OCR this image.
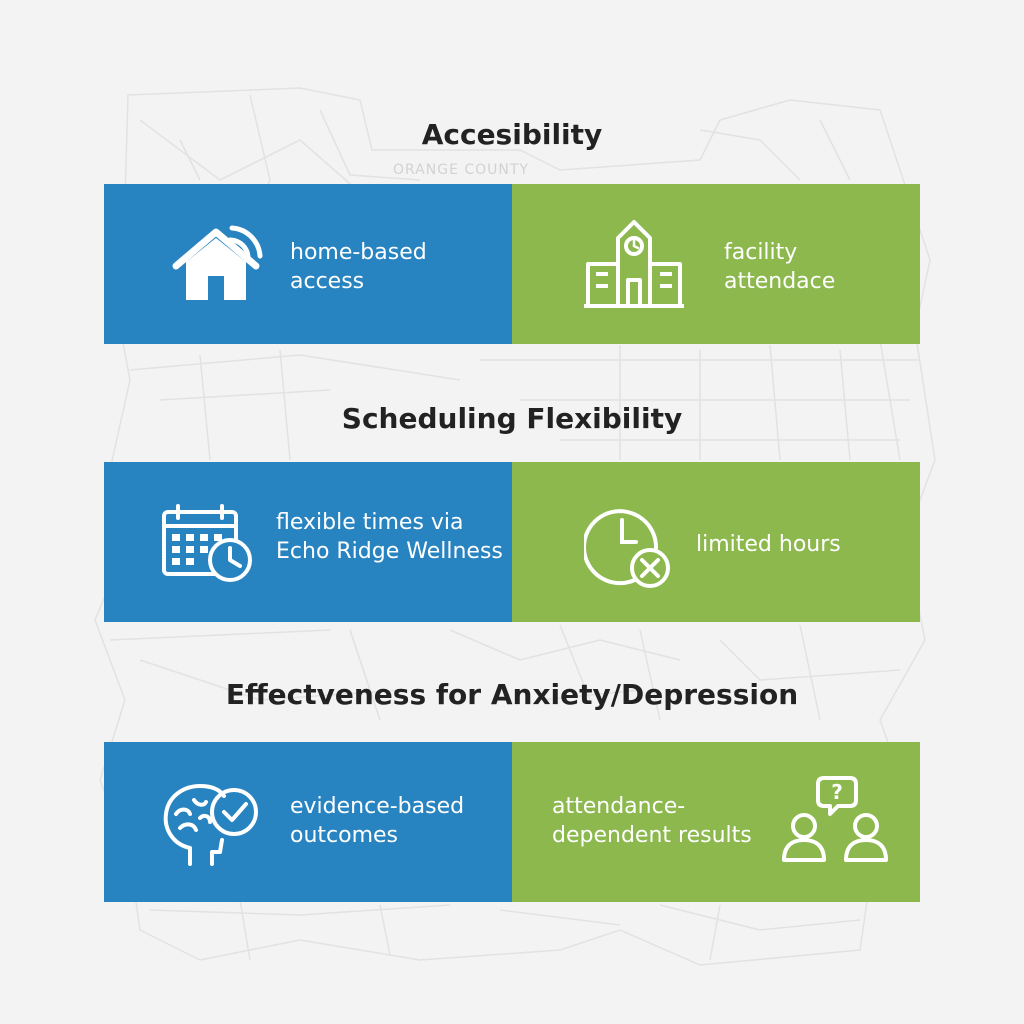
ORANGE COUNTY
Accesibility
home-based
access
facility
attendace
Scheduling Flexibility
flexible times via
Echo Ridge Wellness	limited hours
Effectveness for Anxiety/Depression
evidence-based
outcomes
attendance-
dependent results
?
